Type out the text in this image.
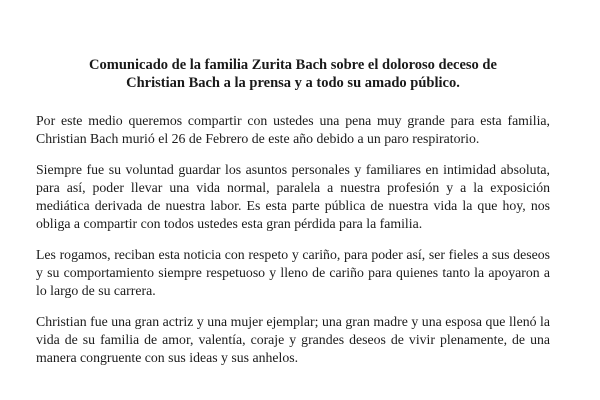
Comunicado de la familia Zurita Bach sobre el doloroso deceso de
Christian Bach a la prensa y a todo su amado público.

Por este medio queremos compartir con ustedes una pena muy grande para esta familia, Christian Bach murió el 26 de Febrero de este año debido a un paro respiratorio.

Siempre fue su voluntad guardar los asuntos personales y familiares en intimidad absoluta, para así, poder llevar una vida normal, paralela a nuestra profesión y a la exposición mediática derivada de nuestra labor. Es esta parte pública de nuestra vida la que hoy, nos obliga a compartir con todos ustedes esta gran pérdida para la familia.

Les rogamos, reciban esta noticia con respeto y cariño, para poder así, ser fieles a sus deseos y su comportamiento siempre respetuoso y lleno de cariño para quienes tanto la apoyaron a lo largo de su carrera.

Christian fue una gran actriz y una mujer ejemplar; una gran madre y una esposa que llenó la vida de su familia de amor, valentía, coraje y grandes deseos de vivir plenamente, de una manera congruente con sus ideas y sus anhelos.
